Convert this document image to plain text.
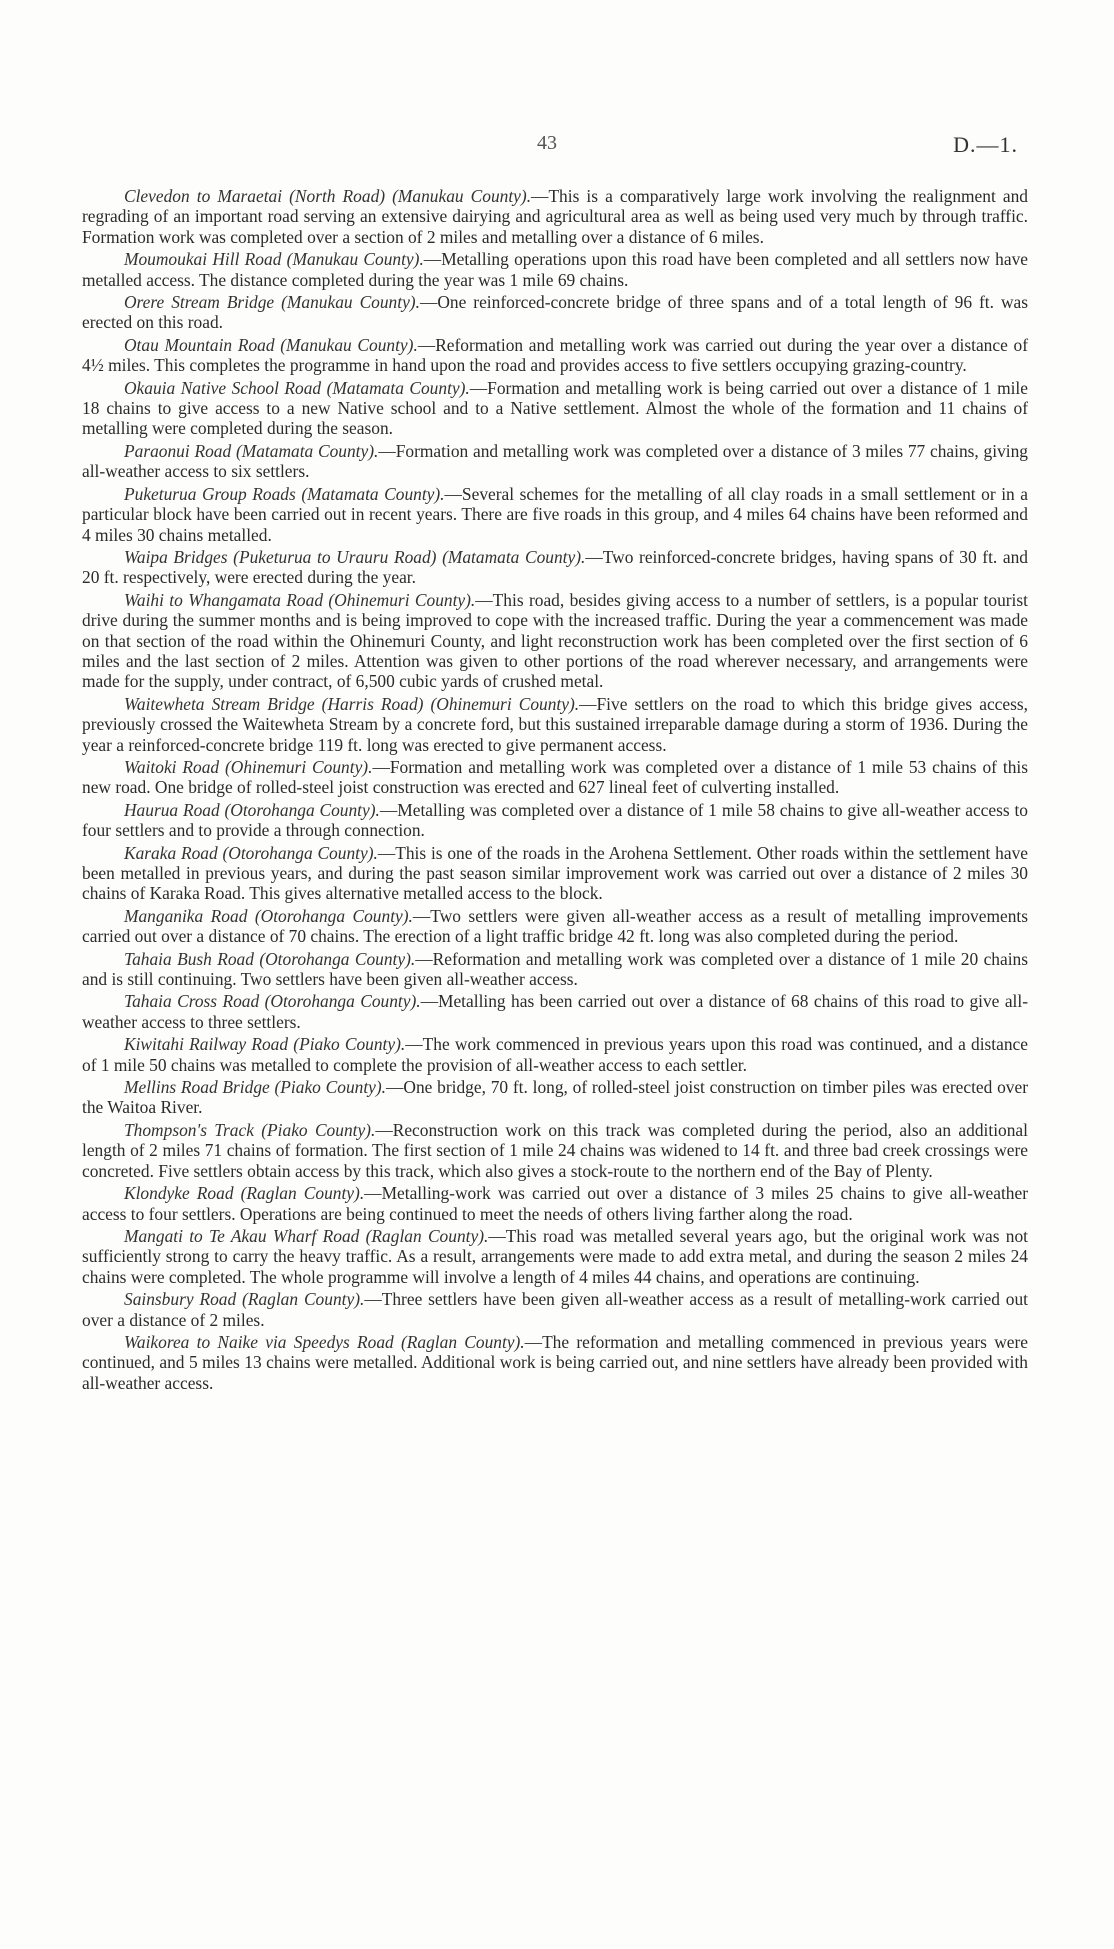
43	D.—1.

Clevedon to Maraetai (North Road) (Manukau County).—This is a comparatively large work involving the realignment and regrading of an important road serving an extensive dairying and agricultural area as well as being used very much by through traffic. Formation work was completed over a section of 2 miles and metalling over a distance of 6 miles.

Moumoukai Hill Road (Manukau County).—Metalling operations upon this road have been completed and all settlers now have metalled access. The distance completed during the year was 1 mile 69 chains.

Orere Stream Bridge (Manukau County).—One reinforced-concrete bridge of three spans and of a total length of 96 ft. was erected on this road.

Otau Mountain Road (Manukau County).—Reformation and metalling work was carried out during the year over a distance of 4½ miles. This completes the programme in hand upon the road and provides access to five settlers occupying grazing-country.

Okauia Native School Road (Matamata County).—Formation and metalling work is being carried out over a distance of 1 mile 18 chains to give access to a new Native school and to a Native settlement. Almost the whole of the formation and 11 chains of metalling were completed during the season.

Paraonui Road (Matamata County).—Formation and metalling work was completed over a distance of 3 miles 77 chains, giving all-weather access to six settlers.

Puketurua Group Roads (Matamata County).—Several schemes for the metalling of all clay roads in a small settlement or in a particular block have been carried out in recent years. There are five roads in this group, and 4 miles 64 chains have been reformed and 4 miles 30 chains metalled.

Waipa Bridges (Puketurua to Urauru Road) (Matamata County).—Two reinforced-concrete bridges, having spans of 30 ft. and 20 ft. respectively, were erected during the year.

Waihi to Whangamata Road (Ohinemuri County).—This road, besides giving access to a number of settlers, is a popular tourist drive during the summer months and is being improved to cope with the increased traffic. During the year a commencement was made on that section of the road within the Ohinemuri County, and light reconstruction work has been completed over the first section of 6 miles and the last section of 2 miles. Attention was given to other portions of the road wherever necessary, and arrangements were made for the supply, under contract, of 6,500 cubic yards of crushed metal.

Waitewheta Stream Bridge (Harris Road) (Ohinemuri County).—Five settlers on the road to which this bridge gives access, previously crossed the Waitewheta Stream by a concrete ford, but this sustained irreparable damage during a storm of 1936. During the year a reinforced-concrete bridge 119 ft. long was erected to give permanent access.

Waitoki Road (Ohinemuri County).—Formation and metalling work was completed over a distance of 1 mile 53 chains of this new road. One bridge of rolled-steel joist construction was erected and 627 lineal feet of culverting installed.

Haurua Road (Otorohanga County).—Metalling was completed over a distance of 1 mile 58 chains to give all-weather access to four settlers and to provide a through connection.

Karaka Road (Otorohanga County).—This is one of the roads in the Arohena Settlement. Other roads within the settlement have been metalled in previous years, and during the past season similar improvement work was carried out over a distance of 2 miles 30 chains of Karaka Road. This gives alternative metalled access to the block.

Manganika Road (Otorohanga County).—Two settlers were given all-weather access as a result of metalling improvements carried out over a distance of 70 chains. The erection of a light traffic bridge 42 ft. long was also completed during the period.

Tahaia Bush Road (Otorohanga County).—Reformation and metalling work was completed over a distance of 1 mile 20 chains and is still continuing. Two settlers have been given all-weather access.

Tahaia Cross Road (Otorohanga County).—Metalling has been carried out over a distance of 68 chains of this road to give all-weather access to three settlers.

Kiwitahi Railway Road (Piako County).—The work commenced in previous years upon this road was continued, and a distance of 1 mile 50 chains was metalled to complete the provision of all-weather access to each settler.

Mellins Road Bridge (Piako County).—One bridge, 70 ft. long, of rolled-steel joist construction on timber piles was erected over the Waitoa River.

Thompson's Track (Piako County).—Reconstruction work on this track was completed during the period, also an additional length of 2 miles 71 chains of formation. The first section of 1 mile 24 chains was widened to 14 ft. and three bad creek crossings were concreted. Five settlers obtain access by this track, which also gives a stock-route to the northern end of the Bay of Plenty.

Klondyke Road (Raglan County).—Metalling-work was carried out over a distance of 3 miles 25 chains to give all-weather access to four settlers. Operations are being continued to meet the needs of others living farther along the road.

Mangati to Te Akau Wharf Road (Raglan County).—This road was metalled several years ago, but the original work was not sufficiently strong to carry the heavy traffic. As a result, arrangements were made to add extra metal, and during the season 2 miles 24 chains were completed. The whole programme will involve a length of 4 miles 44 chains, and operations are continuing.

Sainsbury Road (Raglan County).—Three settlers have been given all-weather access as a result of metalling-work carried out over a distance of 2 miles.

Waikorea to Naike via Speedys Road (Raglan County).—The reformation and metalling commenced in previous years were continued, and 5 miles 13 chains were metalled. Additional work is being carried out, and nine settlers have already been provided with all-weather access.
